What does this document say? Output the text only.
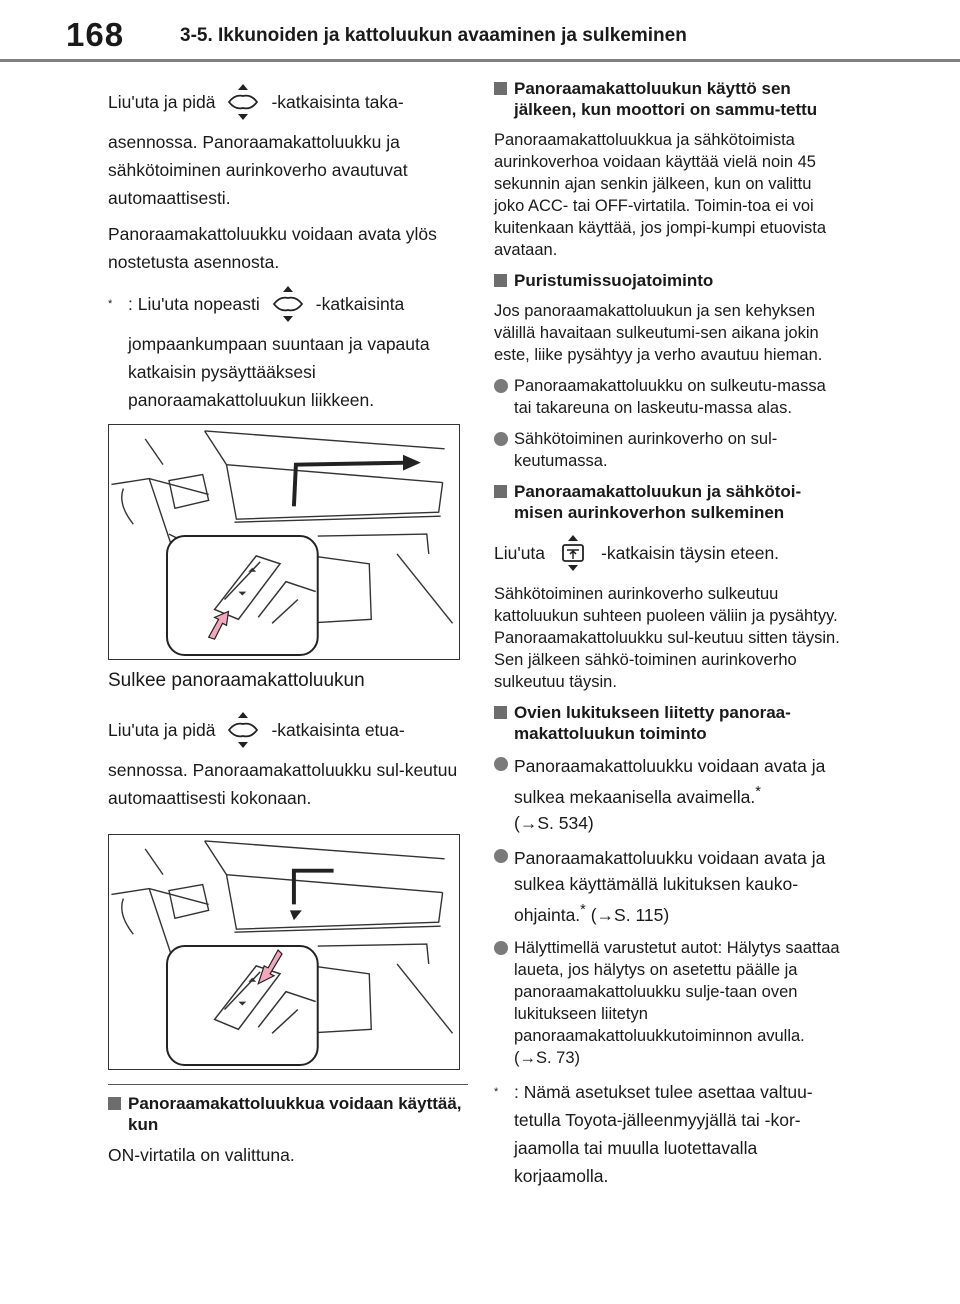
168	3-5. Ikkunoiden ja kattoluukun avaaminen ja sulkeminen
Liu'uta ja pidä	-katkaisinta taka-

asennossa. Panoraamakattoluukku ja sähkötoiminen aurinkoverho avautuvat automaattisesti.

Panoraamakattoluukku voidaan avata ylös nostetusta asennosta.

* : Liu'uta nopeasti	-katkaisinta
jompaankumpaan suuntaan ja vapauta katkaisin pysäyttääksesi panoraamakattoluukun liikkeen.
Sulkee panoraamakattoluukun
Liu'uta ja pidä	-katkaisinta etua-

sennossa. Panoraamakattoluukku sul-keutuu automaattisesti kokonaan.

Panoraamakattoluukkua voidaan käyttää, kun

ON-virtatila on valittuna.

Panoraamakattoluukun käyttö sen jälkeen, kun moottori on sammu-tettu

Panoraamakattoluukkua ja sähkötoimista aurinkoverhoa voidaan käyttää vielä noin 45 sekunnin ajan senkin jälkeen, kun on valittu joko ACC- tai OFF-virtatila. Toimin-toa ei voi kuitenkaan käyttää, jos jompi-kumpi etuovista avataan.

Puristumissuojatoiminto

Jos panoraamakattoluukun ja sen kehyksen välillä havaitaan sulkeutumi-sen aikana jokin este, liike pysähtyy ja verho avautuu hieman.

Panoraamakattoluukku on sulkeutu-massa tai takareuna on laskeutu-massa alas.
Sähkötoiminen aurinkoverho on sul-keutumassa.
Panoraamakattoluukun ja sähkötoi-misen aurinkoverhon sulkeminen
Liu'uta	-katkaisin täysin eteen.

Sähkötoiminen aurinkoverho sulkeutuu kattoluukun suhteen puoleen väliin ja pysähtyy. Panoraamakattoluukku sul-keutuu sitten täysin. Sen jälkeen sähkö-toiminen aurinkoverho sulkeutuu täysin.

Ovien lukitukseen liitetty panoraa-makattoluukun toiminto
Panoraamakattoluukku voidaan avata ja sulkea mekaanisella avaimella.*
(→S. 534)
Panoraamakattoluukku voidaan avata ja sulkea käyttämällä lukituksen kauko-ohjainta.* (→S. 115)
Hälyttimellä varustetut autot: Hälytys saattaa laueta, jos hälytys on asetettu päälle ja panoraamakattoluukku sulje-taan oven lukitukseen liitetyn panoraamakattoluukkutoiminnon avulla. (→S. 73)
* : Nämä asetukset tulee asettaa valtuu-tetulla Toyota-jälleenmyyjällä tai -kor-jaamolla tai muulla luotettavalla korjaamolla.
